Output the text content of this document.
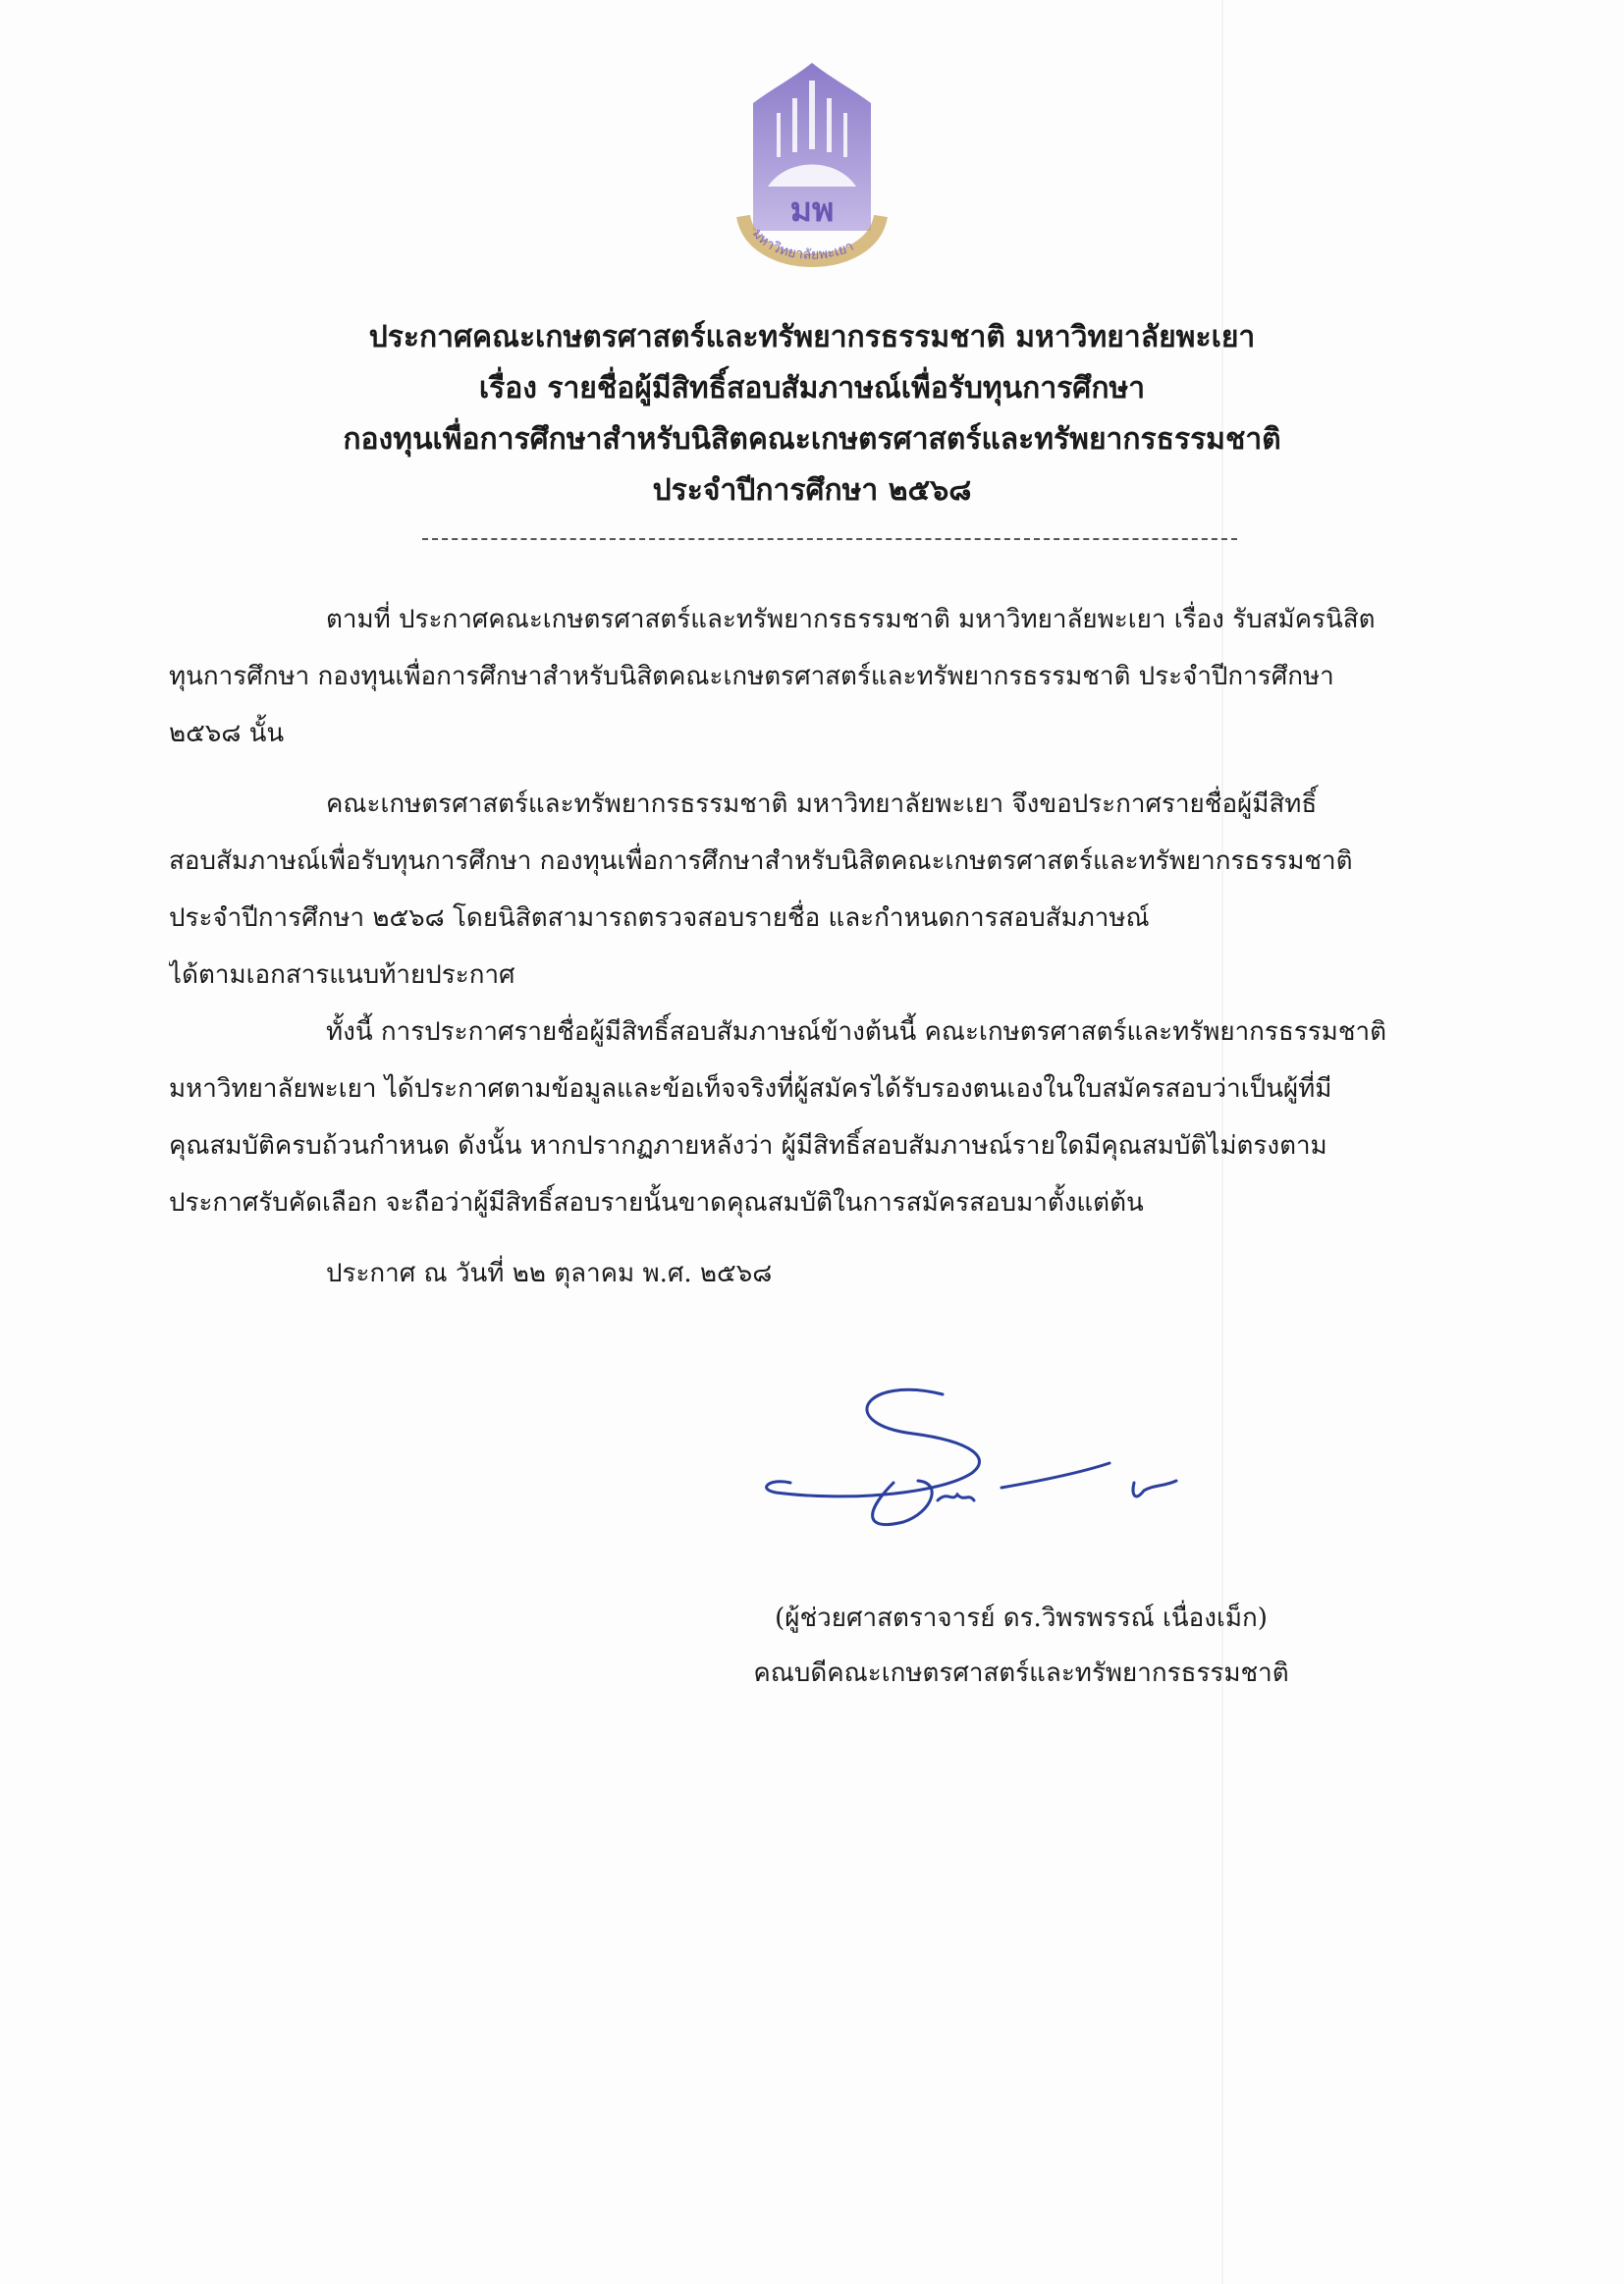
มพ
มหาวิทยาลัยพะเยา
ประกาศคณะเกษตรศาสตร์และทรัพยากรธรรมชาติ มหาวิทยาลัยพะเยา
เรื่อง รายชื่อผู้มีสิทธิ์สอบสัมภาษณ์เพื่อรับทุนการศึกษา
กองทุนเพื่อการศึกษาสำหรับนิสิตคณะเกษตรศาสตร์และทรัพยากรธรรมชาติ
ประจำปีการศึกษา ๒๕๖๘
ตามที่ ประกาศคณะเกษตรศาสตร์และทรัพยากรธรรมชาติ มหาวิทยาลัยพะเยา เรื่อง รับสมัครนิสิต
ทุนการศึกษา กองทุนเพื่อการศึกษาสำหรับนิสิตคณะเกษตรศาสตร์และทรัพยากรธรรมชาติ ประจำปีการศึกษา
๒๕๖๘ นั้น
คณะเกษตรศาสตร์และทรัพยากรธรรมชาติ มหาวิทยาลัยพะเยา จึงขอประกาศรายชื่อผู้มีสิทธิ์
สอบสัมภาษณ์เพื่อรับทุนการศึกษา กองทุนเพื่อการศึกษาสำหรับนิสิตคณะเกษตรศาสตร์และทรัพยากรธรรมชาติ
ประจำปีการศึกษา ๒๕๖๘ โดยนิสิตสามารถตรวจสอบรายชื่อ และกำหนดการสอบสัมภาษณ์
ได้ตามเอกสารแนบท้ายประกาศ
ทั้งนี้ การประกาศรายชื่อผู้มีสิทธิ์สอบสัมภาษณ์ข้างต้นนี้ คณะเกษตรศาสตร์และทรัพยากรธรรมชาติ
มหาวิทยาลัยพะเยา ได้ประกาศตามข้อมูลและข้อเท็จจริงที่ผู้สมัครได้รับรองตนเองในใบสมัครสอบว่าเป็นผู้ที่มี
คุณสมบัติครบถ้วนกำหนด ดังนั้น หากปรากฏภายหลังว่า ผู้มีสิทธิ์สอบสัมภาษณ์รายใดมีคุณสมบัติไม่ตรงตาม
ประกาศรับคัดเลือก จะถือว่าผู้มีสิทธิ์สอบรายนั้นขาดคุณสมบัติในการสมัครสอบมาตั้งแต่ต้น
ประกาศ ณ วันที่ ๒๒ ตุลาคม พ.ศ. ๒๕๖๘
(ผู้ช่วยศาสตราจารย์ ดร.วิพรพรรณ์ เนื่องเม็ก)
คณบดีคณะเกษตรศาสตร์และทรัพยากรธรรมชาติ
